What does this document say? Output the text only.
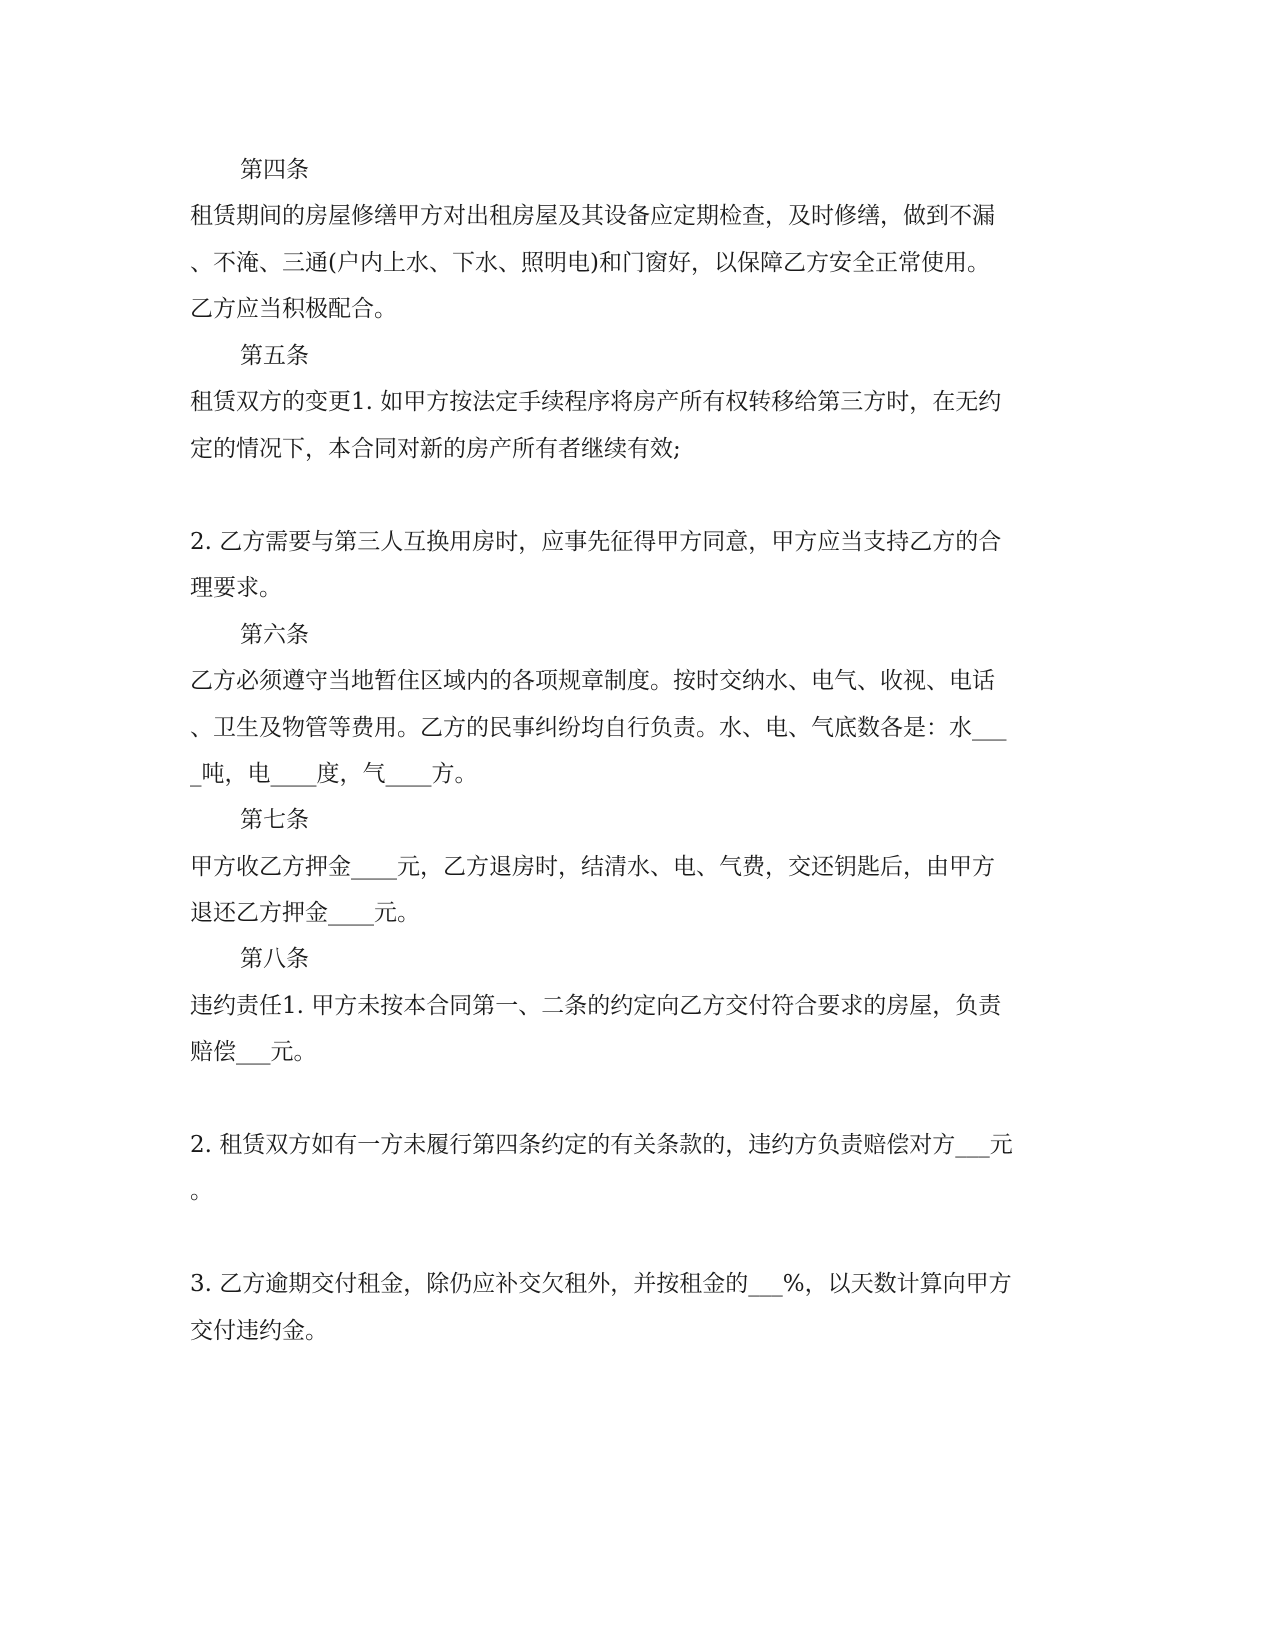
第四条
租赁期间的房屋修缮甲方对出租房屋及其设备应定期检查，及时修缮，做到不漏
、不淹、三通(户内上水、下水、照明电)和门窗好，以保障乙方安全正常使用。
乙方应当积极配合。
第五条
租赁双方的变更1. 如甲方按法定手续程序将房产所有权转移给第三方时，在无约
定的情况下，本合同对新的房产所有者继续有效;
2. 乙方需要与第三人互换用房时，应事先征得甲方同意，甲方应当支持乙方的合
理要求。
第六条
乙方必须遵守当地暂住区域内的各项规章制度。按时交纳水、电气、收视、电话
、卫生及物管等费用。乙方的民事纠纷均自行负责。水、电、气底数各是：水___
_吨，电____度，气____方。
第七条
甲方收乙方押金____元，乙方退房时，结清水、电、气费，交还钥匙后，由甲方
退还乙方押金____元。
第八条
违约责任1. 甲方未按本合同第一、二条的约定向乙方交付符合要求的房屋，负责
赔偿___元。
2. 租赁双方如有一方未履行第四条约定的有关条款的，违约方负责赔偿对方___元
。
3. 乙方逾期交付租金，除仍应补交欠租外，并按租金的___%，以天数计算向甲方
交付违约金。
